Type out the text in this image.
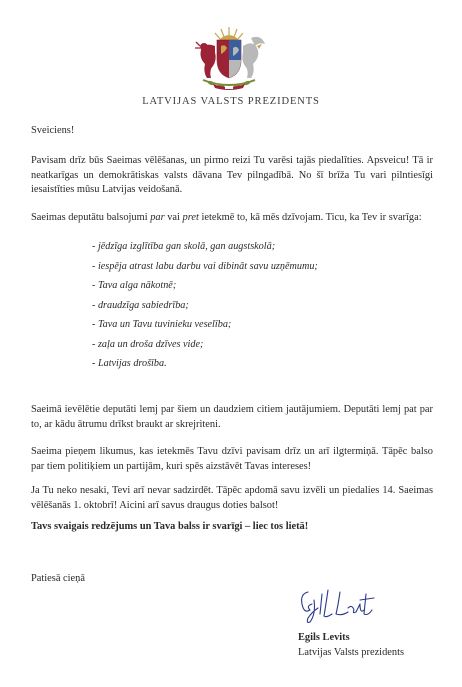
LATVIJAS VALSTS PREZIDENTS
Sveiciens!
Pavisam drīz būs Saeimas vēlēšanas, un pirmo reizi Tu varēsi tajās piedalīties. Apsveicu! Tā ir neatkarīgas un demokrātiskas valsts dāvana Tev pilngadībā. No šī brīža Tu vari pilntiesīgi iesaistīties mūsu Latvijas veidošanā.
Saeimas deputātu balsojumi par vai pret ietekmē to, kā mēs dzīvojam. Ticu, ka Tev ir svarīga:
- jēdzīga izglītība gan skolā, gan augstskolā;
- iespēja atrast labu darbu vai dibināt savu uzņēmumu;
- Tava alga nākotnē;
- draudzīga sabiedrība;
- Tava un Tavu tuvinieku veselība;
- zaļa un droša dzīves vide;
- Latvijas drošība.
Saeimā ievēlētie deputāti lemj par šiem un daudziem citiem jautājumiem. Deputāti lemj pat par to, ar kādu ātrumu drīkst braukt ar skrejriteni.
Saeima pieņem likumus, kas ietekmēs Tavu dzīvi pavisam drīz un arī ilgtermiņā. Tāpēc balso par tiem politiķiem un partijām, kuri spēs aizstāvēt Tavas intereses!
Ja Tu neko nesaki, Tevi arī nevar sadzirdēt. Tāpēc apdomā savu izvēli un piedalies 14. Saeimas vēlēšanās 1. oktobrī! Aicini arī savus draugus doties balsot!
Tavs svaigais redzējums un Tava balss ir svarīgi – liec tos lietā!
Patiesā cieņā
Egils Levits
Latvijas Valsts prezidents
